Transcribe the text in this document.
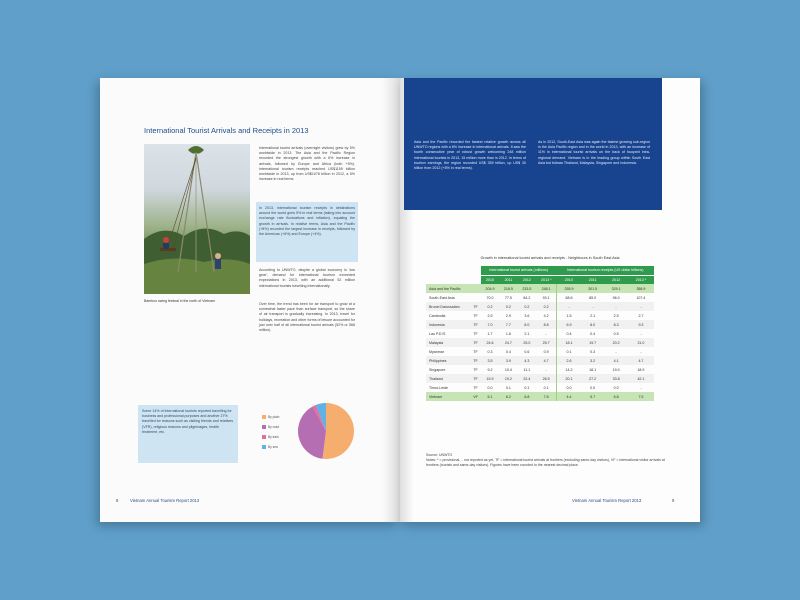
International Tourist Arrivals and Receipts in 2013
Bamboo swing festival in the north of Vietnam
International tourist arrivals (overnight visitors) grew by 5% worldwide in 2013. The Asia and the Pacific Region recorded the strongest growth with a 6% increase in arrivals, followed by Europe and Africa (both +5%). International tourism receipts reached US$1159 billion worldwide in 2013, up from US$1078 billion in 2012, a 5% increase in real terms.
In 2013, international tourism receipts in destinations around the world grew 5% in real terms (taking into account exchange rate fluctuations and inflation), equaling the growth in arrivals. In relative terms, Asia and the Pacific (+8%) recorded the largest increase in receipts, followed by the Americas (+6%) and Europe (+4%).
According to UNWTO, despite a global economy in 'low gear', demand for international tourism exceeded expectations in 2013, with an additional 52 million international tourists travelling internationally.
Over time, the trend has been for air transport to grow at a somewhat faster pace than surface transport, so the share of air transport is gradually increasing. In 2013, travel for holidays, recreation and other forms of leisure accounted for just over half of all international tourist arrivals (52% or 568 million).
Some 14% of international tourists reported travelling for business and professional purposes and another 27% travelled for reasons such as visiting friends and relatives (VFR), religious reasons and pilgrimages, health treatment, etc.
By plain
By road
By train
By sea
8	Vietnam Annual Tourism Report 2013
Asia and the Pacific recorded the fastest relative growth across all UNWTO regions with a 6% increase in international arrivals. It saw the fourth consecutive year of robust growth welcoming 248 million international tourists in 2013, 15 million more than in 2012. In terms of tourism earnings, the region recorded US$ 359 billion, up US$ 30 billion from 2012 (+8% in real terms).
As in 2012, South-East Asia was again the fastest growing sub-region in the Asia Pacific region and in the world in 2013, with an increase of 11% in international tourist arrivals on the back of buoyant intra-regional demand. Vietnam is in the leading group within South East Asia but follows Thailand, Malaysia, Singapore and Indonesia.
Growth in international tourist arrivals and receipts - Neighbours in South East Asia
		International tourist arrivals (millions)				International tourism receipts (US dollar billions)			
		2010	2011	2012	2013 *	2010	2011	2012	2013 *
Asia and the Pacific		204.9	218.5	233.5	248.1	255.9	301.5	329.1	358.9
South-East Asia		70.0	77.5	84.2	93.1	68.6	85.0	96.0	107.4
Brunei Darussalam	TF	0.2	0.2	0.2	0.2	..	..	..	..
Cambodia	TF	2.5	2.9	3.6	4.2	1.5	2.1	2.5	2.7
Indonesia	TF	7.0	7.7	8.0	8.8	6.9	8.0	8.3	9.3
Lao P.D.R.	TF	1.7	1.8	2.1	..	0.4	0.4	0.5	..
Malaysia	TF	24.6	24.7	25.0	25.7	18.1	19.7	20.2	21.0
Myanmar	TF	0.3	0.4	0.6	0.9	0.1	0.3	..	..
Philippines	TF	3.5	3.9	4.3	4.7	2.6	3.2	4.1	4.7
Singapore	TF	9.2	10.4	11.1	..	14.2	18.1	19.0	18.9
Thailand	TF	15.9	19.2	22.4	26.5	20.1	27.2	33.8	42.1
Timor-Leste	TF	0.0	0.1	0.1	0.1	0.0	0.0	0.0	..
Vietnam	VF	5.1	6.2	6.8	7.6	4.4	5.7	6.8	7.5
Source: UNWTO
Notes: * = provisional, .. not reported as yet, TF = international tourist arrivals at frontiers (excluding same-day visitors), VF = international visitor arrivals at frontiers (tourists and same-day visitors). Figures have been rounded to the nearest decimal place.
Vietnam Annual Tourism Report 2013	9
